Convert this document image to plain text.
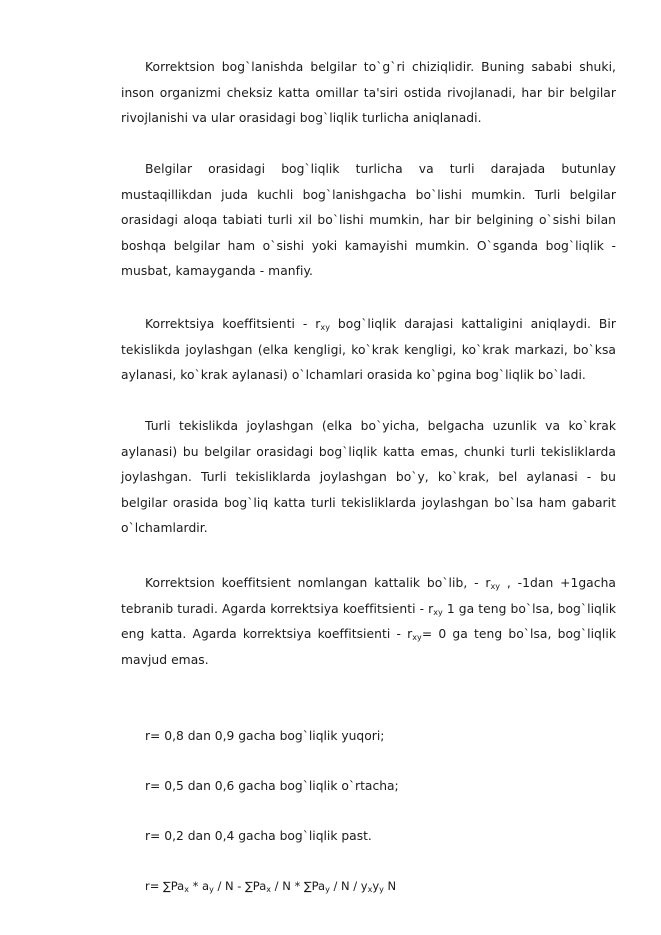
Korrektsion bog`lanishda belgilar to`g`ri chiziqlidir. Buning sababi shuki, inson organizmi cheksiz katta omillar ta'siri ostida rivojlanadi, har bir belgilar rivojlanishi va ular orasidagi bog`liqlik turlicha aniqlanadi.

Belgilar orasidagi bog`liqlik turlicha va turli darajada butunlay mustaqillikdan juda kuchli bog`lanishgacha bo`lishi mumkin. Turli belgilar orasidagi aloqa tabiati turli xil bo`lishi mumkin, har bir belgining o`sishi bilan boshqa belgilar ham o`sishi yoki kamayishi mumkin. O`sganda bog`liqlik - musbat, kamayganda - manfiy.

Korrektsiya koeffitsienti - $r_{xy}$ bog`liqlik darajasi kattaligini aniqlaydi. Bir tekislikda joylashgan (elka kengligi, ko`krak kengligi, ko`krak markazi, bo`ksa aylanasi, ko`krak aylanasi) o`lchamlari orasida ko`pgina bog`liqlik bo`ladi.

Turli tekislikda joylashgan (elka bo`yicha, belgacha uzunlik va ko`krak aylanasi) bu belgilar orasidagi bog`liqlik katta emas, chunki turli tekisliklarda joylashgan. Turli tekisliklarda joylashgan bo`y, ko`krak, bel aylanasi - bu belgilar orasida bog`liq katta turli tekisliklarda joylashgan bo`lsa ham gabarit o`lchamlardir.

Korrektsion koeffitsient nomlangan kattalik bo`lib, - $r_{xy}$ , -1dan +1gacha tebranib turadi. Agarda korrektsiya koeffitsienti - $r_{xy}$ 1 ga teng bo`lsa, bog`liqlik eng katta. Agarda korrektsiya koeffitsienti - $r_{xy}= 0$ ga teng bo`lsa, bog`liqlik mavjud emas.

r= 0,8 dan 0,9 gacha bog`liqlik yuqori;
r= 0,5 dan 0,6 gacha bog`liqlik o`rtacha;
r= 0,2 dan 0,4 gacha bog`liqlik past.
$r= \sum Pa_x * a_y / N - \sum Pa_x / N * \sum Pa_y / N / y_xy_y$ N
